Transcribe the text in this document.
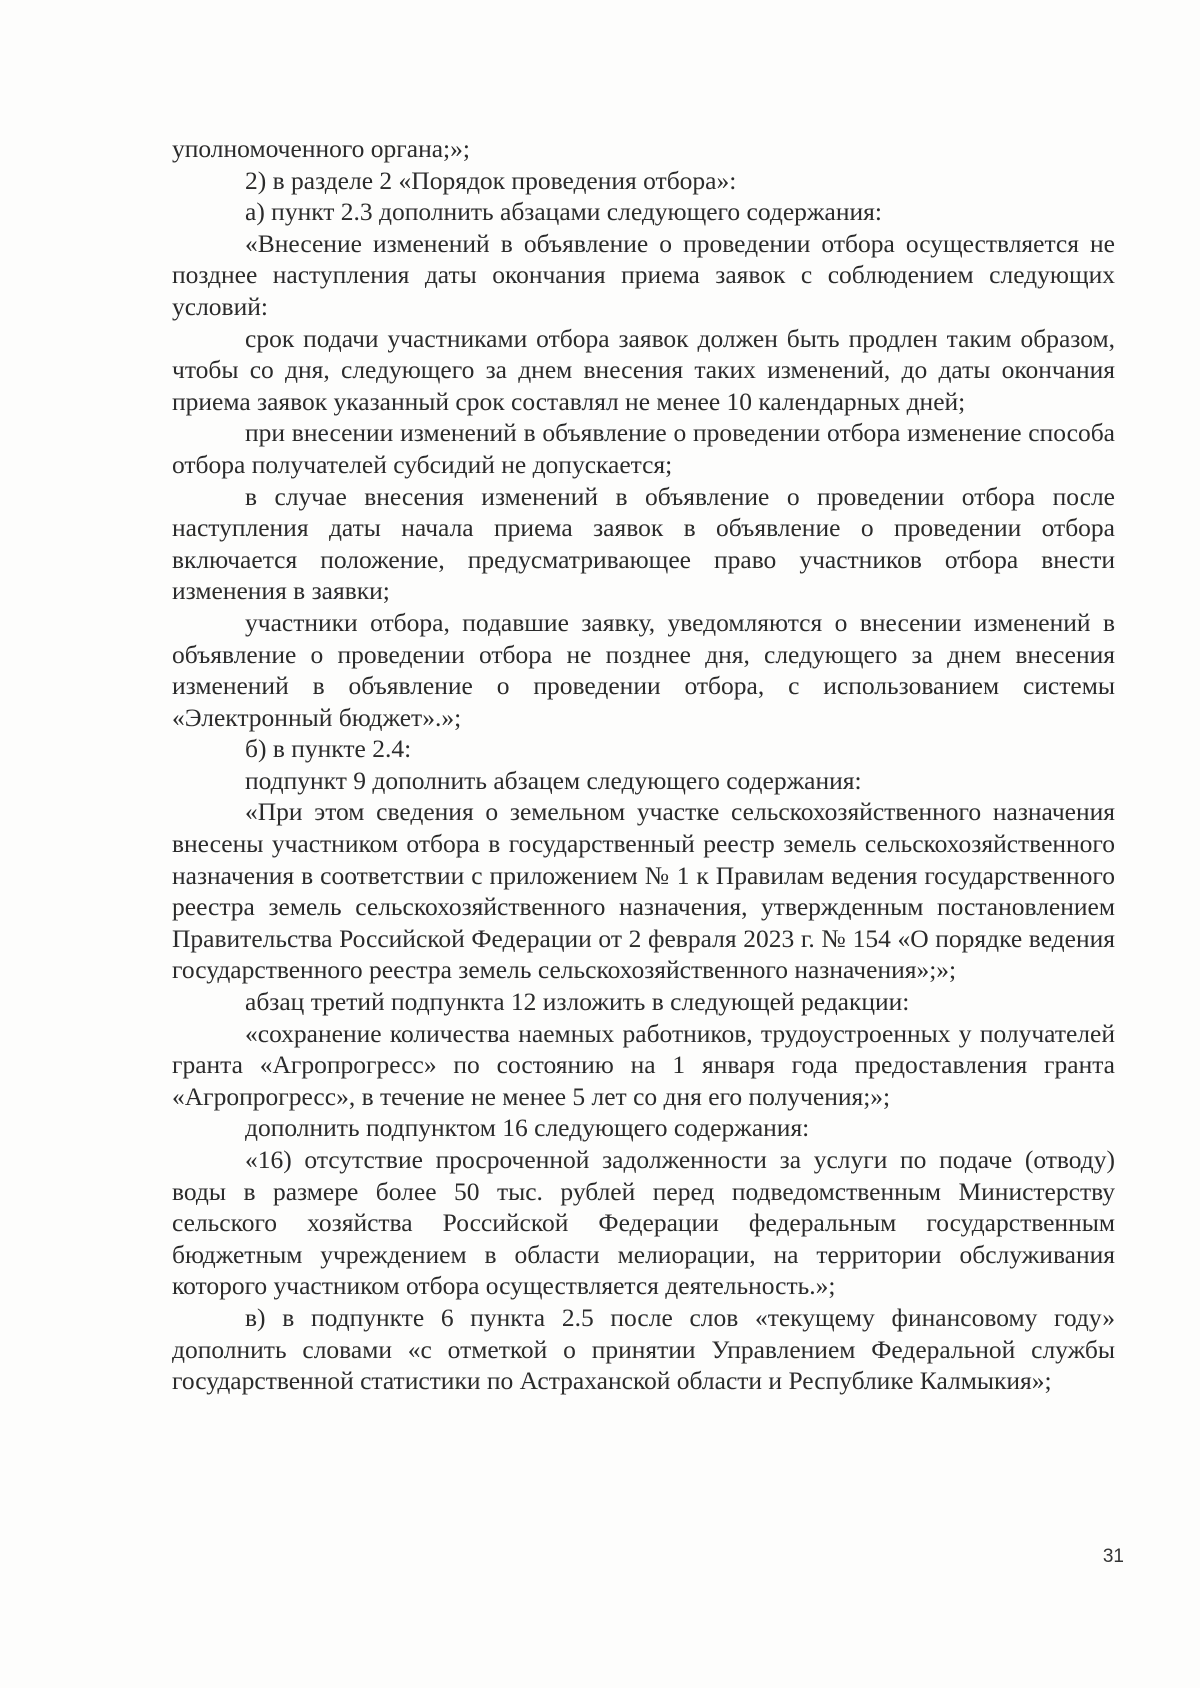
уполномоченного органа;»;

2) в разделе 2 «Порядок проведения отбора»:

а) пункт 2.3 дополнить абзацами следующего содержания:

«Внесение изменений в объявление о проведении отбора осуществляется не позднее наступления даты окончания приема заявок с соблюдением следующих условий:

срок подачи участниками отбора заявок должен быть продлен таким образом, чтобы со дня, следующего за днем внесения таких изменений, до даты окончания приема заявок указанный срок составлял не менее 10 календарных дней;

при внесении изменений в объявление о проведении отбора изменение способа отбора получателей субсидий не допускается;

в случае внесения изменений в объявление о проведении отбора после наступления даты начала приема заявок в объявление о проведении отбора включается положение, предусматривающее право участников отбора внести изменения в заявки;

участники отбора, подавшие заявку, уведомляются о внесении изменений в объявление о проведении отбора не позднее дня, следующего за днем внесения изменений в объявление о проведении отбора, с использованием системы «Электронный бюджет».»;

б) в пункте 2.4:

подпункт 9 дополнить абзацем следующего содержания:

«При этом сведения о земельном участке сельскохозяйственного назначения внесены участником отбора в государственный реестр земель сельскохозяйственного назначения в соответствии с приложением № 1 к Правилам ведения государственного реестра земель сельскохозяйственного назначения, утвержденным постановлением Правительства Российской Федерации от 2 февраля 2023 г. № 154 «О порядке ведения государственного реестра земель сельскохозяйственного назначения»;»;

абзац третий подпункта 12 изложить в следующей редакции:

«сохранение количества наемных работников, трудоустроенных у получателей гранта «Агропрогресс» по состоянию на 1 января года предоставления гранта «Агропрогресс», в течение не менее 5 лет со дня его получения;»;

дополнить подпунктом 16 следующего содержания:

«16) отсутствие просроченной задолженности за услуги по подаче (отводу) воды в размере более 50 тыс. рублей перед подведомственным Министерству сельского хозяйства Российской Федерации федеральным государственным бюджетным учреждением в области мелиорации, на территории обслуживания которого участником отбора осуществляется деятельность.»;

в) в подпункте 6 пункта 2.5 после слов «текущему финансовому году» дополнить словами «с отметкой о принятии Управлением Федеральной службы государственной статистики по Астраханской области и Республике Калмыкия»;

31
